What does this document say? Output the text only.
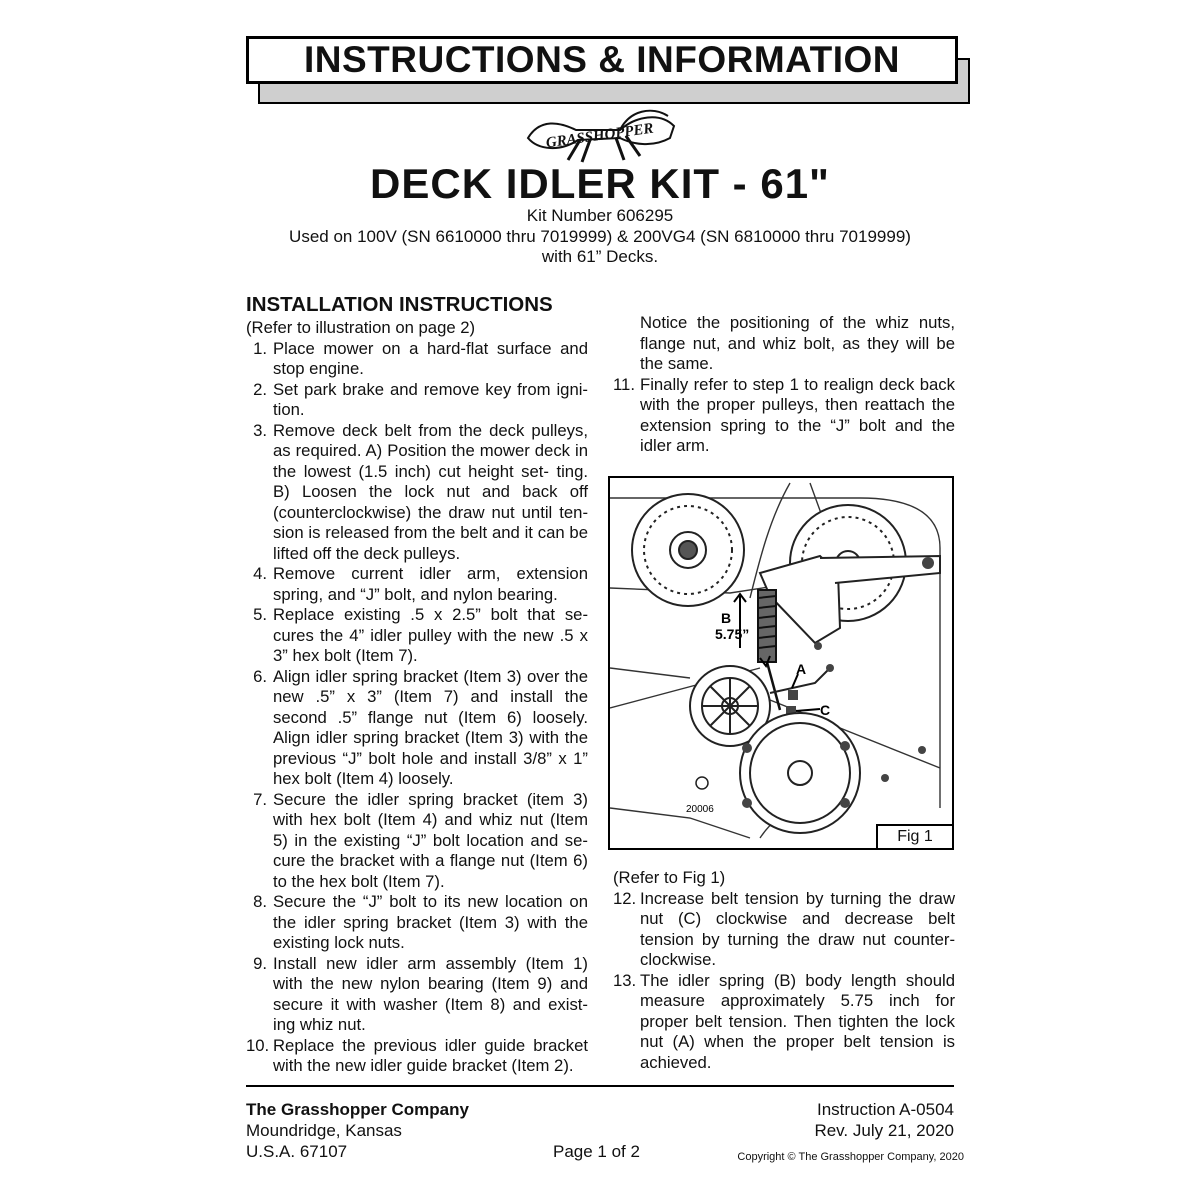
INSTRUCTIONS & INFORMATION
GRASSHOPPER
DECK IDLER KIT - 61"
Kit Number 606295
Used on 100V (SN 6610000 thru 7019999) & 200VG4 (SN 6810000 thru 7019999)
with 61” Decks.
INSTALLATION INSTRUCTIONS

(Refer to illustration on page 2)

1. Place mower on a hard-flat surface and stop engine.
2. Set park brake and remove key from igni- tion.
3. Remove deck belt from the deck pulleys, as required. A) Position the mower deck in the lowest (1.5 inch) cut height set- ting. B) Loosen the lock nut and back off (counterclockwise) the draw nut until ten- sion is released from the belt and it can be lifted off the deck pulleys.
4. Remove current idler arm, extension spring, and “J” bolt, and nylon bearing.
5. Replace existing .5 x 2.5” bolt that se- cures the 4” idler pulley with the new .5 x 3” hex bolt (Item 7).
6. Align idler spring bracket (Item 3) over the new .5” x 3” (Item 7) and install the second .5” flange nut (Item 6) loosely. Align idler spring bracket (Item 3) with the previous “J” bolt hole and install 3/8” x 1” hex bolt (Item 4) loosely.
7. Secure the idler spring bracket (item 3) with hex bolt (Item 4) and whiz nut (Item 5) in the existing “J” bolt location and se- cure the bracket with a flange nut (Item 6) to the hex bolt (Item 7).
8. Secure the “J” bolt to its new location on the idler spring bracket (Item 3) with the existing lock nuts.
9. Install new idler arm assembly (Item 1) with the new nylon bearing (Item 9) and secure it with washer (Item 8) and exist- ing whiz nut.
10. Replace the previous idler guide bracket with the new idler guide bracket (Item 2).

Notice the positioning of the whiz nuts, flange nut, and whiz bolt, as they will be the same.

11. Finally refer to step 1 to realign deck back with the proper pulleys, then reattach the extension spring to the “J” bolt and the idler arm.
B
5.75”
A
C
20006
Fig 1

(Refer to Fig 1)

12. Increase belt tension by turning the draw nut (C) clockwise and decrease belt tension by turning the draw nut counter- clockwise.
13. The idler spring (B) body length should measure approximately 5.75 inch for proper belt tension. Then tighten the lock nut (A) when the proper belt tension is achieved.
The Grasshopper Company
Moundridge, Kansas
U.S.A. 67107	Page 1 of 2
Instruction A-0504
Rev. July 21, 2020
Copyright © The Grasshopper Company, 2020
